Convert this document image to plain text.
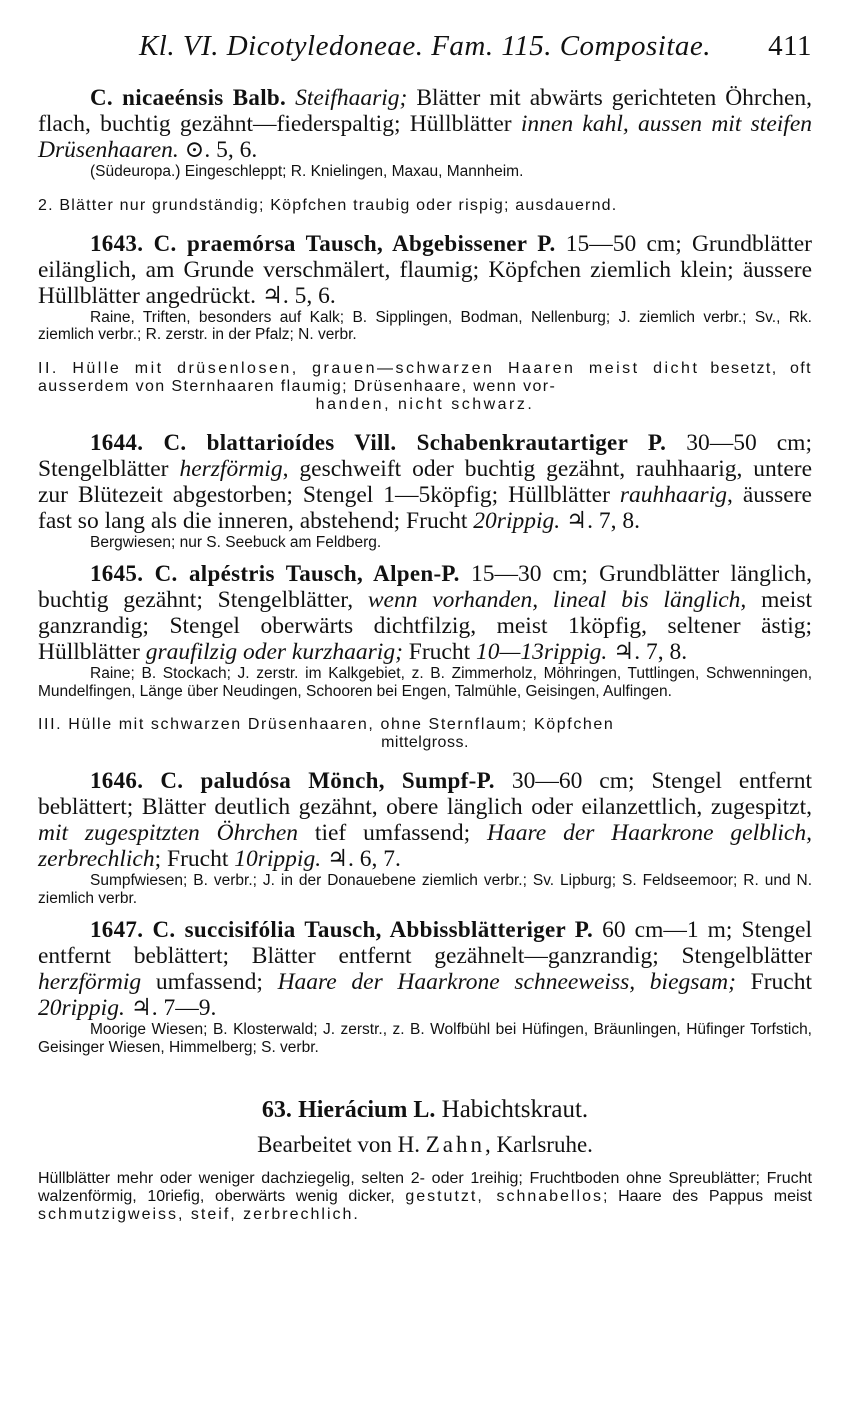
Kl. VI. Dicotyledoneae. Fam. 115. Compositae. 411

C. nicaeénsis Balb. Steifhaarig; Blätter mit abwärts gerichteten Öhrchen, flach, buchtig gezähnt—fiederspaltig; Hüllblätter innen kahl, aussen mit steifen Drüsenhaaren. ⊙. 5, 6.

(Südeuropa.) Eingeschleppt; R. Knielingen, Maxau, Mannheim.

2. Blätter nur grundständig; Köpfchen traubig oder rispig; ausdauernd.

1643. C. praemórsa Tausch, Abgebissener P. 15—50 cm; Grundblätter eilänglich, am Grunde verschmälert, flaumig; Köpfchen ziemlich klein; äussere Hüllblätter angedrückt. ♃. 5, 6.

Raine, Triften, besonders auf Kalk; B. Sipplingen, Bodman, Nellenburg; J. ziemlich verbr.; Sv., Rk. ziemlich verbr.; R. zerstr. in der Pfalz; N. verbr.

II. Hülle mit drüsenlosen, grauen—schwarzen Haaren meist dicht besetzt, oft ausserdem von Sternhaaren flaumig; Drüsenhaare, wenn vor-
handen, nicht schwarz.

1644. C. blattarioídes Vill. Schabenkrautartiger P. 30—50 cm; Stengelblätter herzförmig, geschweift oder buchtig gezähnt, rauhhaarig, untere zur Blütezeit abgestorben; Stengel 1—5köpfig; Hüllblätter rauhhaarig, äussere fast so lang als die inneren, abstehend; Frucht 20rippig. ♃. 7, 8.

Bergwiesen; nur S. Seebuck am Feldberg.

1645. C. alpéstris Tausch, Alpen-P. 15—30 cm; Grundblätter länglich, buchtig gezähnt; Stengelblätter, wenn vorhanden, lineal bis länglich, meist ganzrandig; Stengel oberwärts dichtfilzig, meist 1köpfig, seltener ästig; Hüllblätter graufilzig oder kurzhaarig; Frucht 10—13rippig. ♃. 7, 8.

Raine; B. Stockach; J. zerstr. im Kalkgebiet, z. B. Zimmerholz, Möhringen, Tuttlingen, Schwenningen, Mundelfingen, Länge über Neudingen, Schooren bei Engen, Talmühle, Geisingen, Aulfingen.

III. Hülle mit schwarzen Drüsenhaaren, ohne Sternflaum; Köpfchen
mittelgross.

1646. C. paludósa Mönch, Sumpf-P. 30—60 cm; Stengel entfernt beblättert; Blätter deutlich gezähnt, obere länglich oder eilanzettlich, zugespitzt, mit zugespitzten Öhrchen tief umfassend; Haare der Haarkrone gelblich, zerbrechlich; Frucht 10rippig. ♃. 6, 7.

Sumpfwiesen; B. verbr.; J. in der Donauebene ziemlich verbr.; Sv. Lipburg; S. Feldseemoor; R. und N. ziemlich verbr.

1647. C. succisifólia Tausch, Abbissblätteriger P. 60 cm—1 m; Stengel entfernt beblättert; Blätter entfernt gezähnelt—ganzrandig; Stengelblätter herzförmig umfassend; Haare der Haarkrone schneeweiss, biegsam; Frucht 20rippig. ♃. 7—9.

Moorige Wiesen; B. Klosterwald; J. zerstr., z. B. Wolfbühl bei Hüfingen, Bräunlingen, Hüfinger Torfstich, Geisinger Wiesen, Himmelberg; S. verbr.

63. Hierácium L. Habichtskraut.

Bearbeitet von H. Zahn, Karlsruhe.

Hüllblätter mehr oder weniger dachziegelig, selten 2- oder 1reihig; Fruchtboden ohne Spreublätter; Frucht walzenförmig, 10riefig, oberwärts wenig dicker, gestutzt, schnabellos; Haare des Pappus meist schmutzigweiss, steif, zerbrechlich.
